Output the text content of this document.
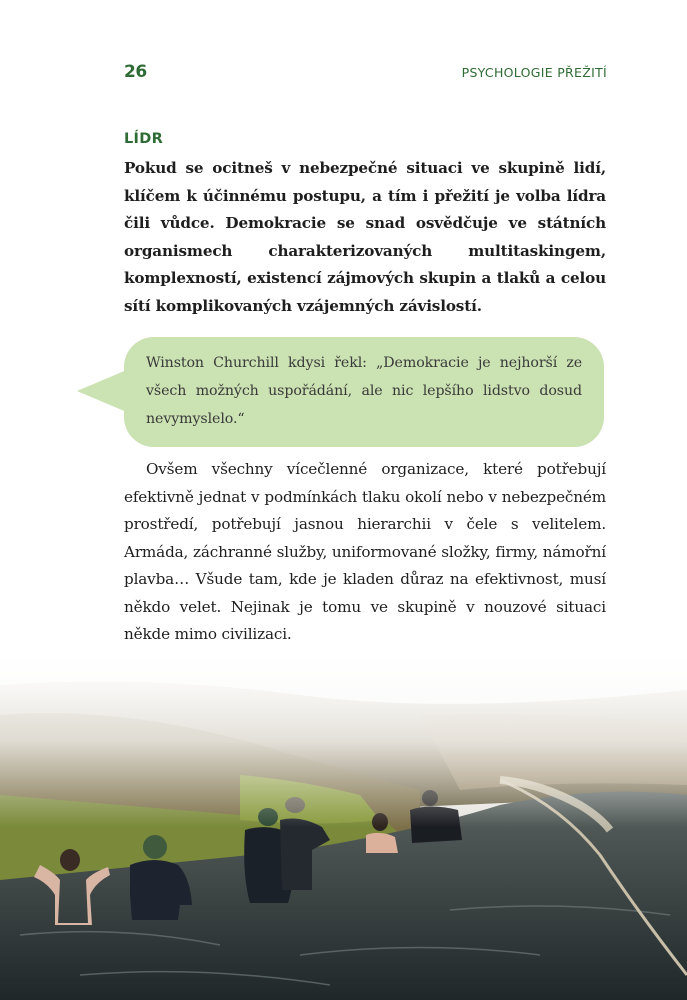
26	PSYCHOLOGIE PŘEŽITÍ
LÍDR

Pokud se ocitneš v nebezpečné situaci ve skupině lidí, klíčem k účinnému postupu, a tím i přežití je volba lídra čili vůdce. Demokracie se snad osvědčuje ve státních organismech charakterizovaných multitaskingem, komplexností, existencí zájmových skupin a tlaků a celou sítí komplikovaných vzájemných závislostí.

Winston Churchill kdysi řekl: „Demokracie je nejhorší ze všech možných uspořádání, ale nic lepšího lidstvo dosud nevymyslelo.“

Ovšem všechny vícečlenné organizace, které potřebují efektivně jednat v podmínkách tlaku okolí nebo v nebezpečném prostředí, potřebují jasnou hierarchii v čele s velitelem. Armáda, záchranné služby, uniformované složky, firmy, námořní plavba… Všude tam, kde je kladen důraz na efektivnost, musí někdo velet. Nejinak je tomu ve skupině v nouzové situaci někde mimo civilizaci.
